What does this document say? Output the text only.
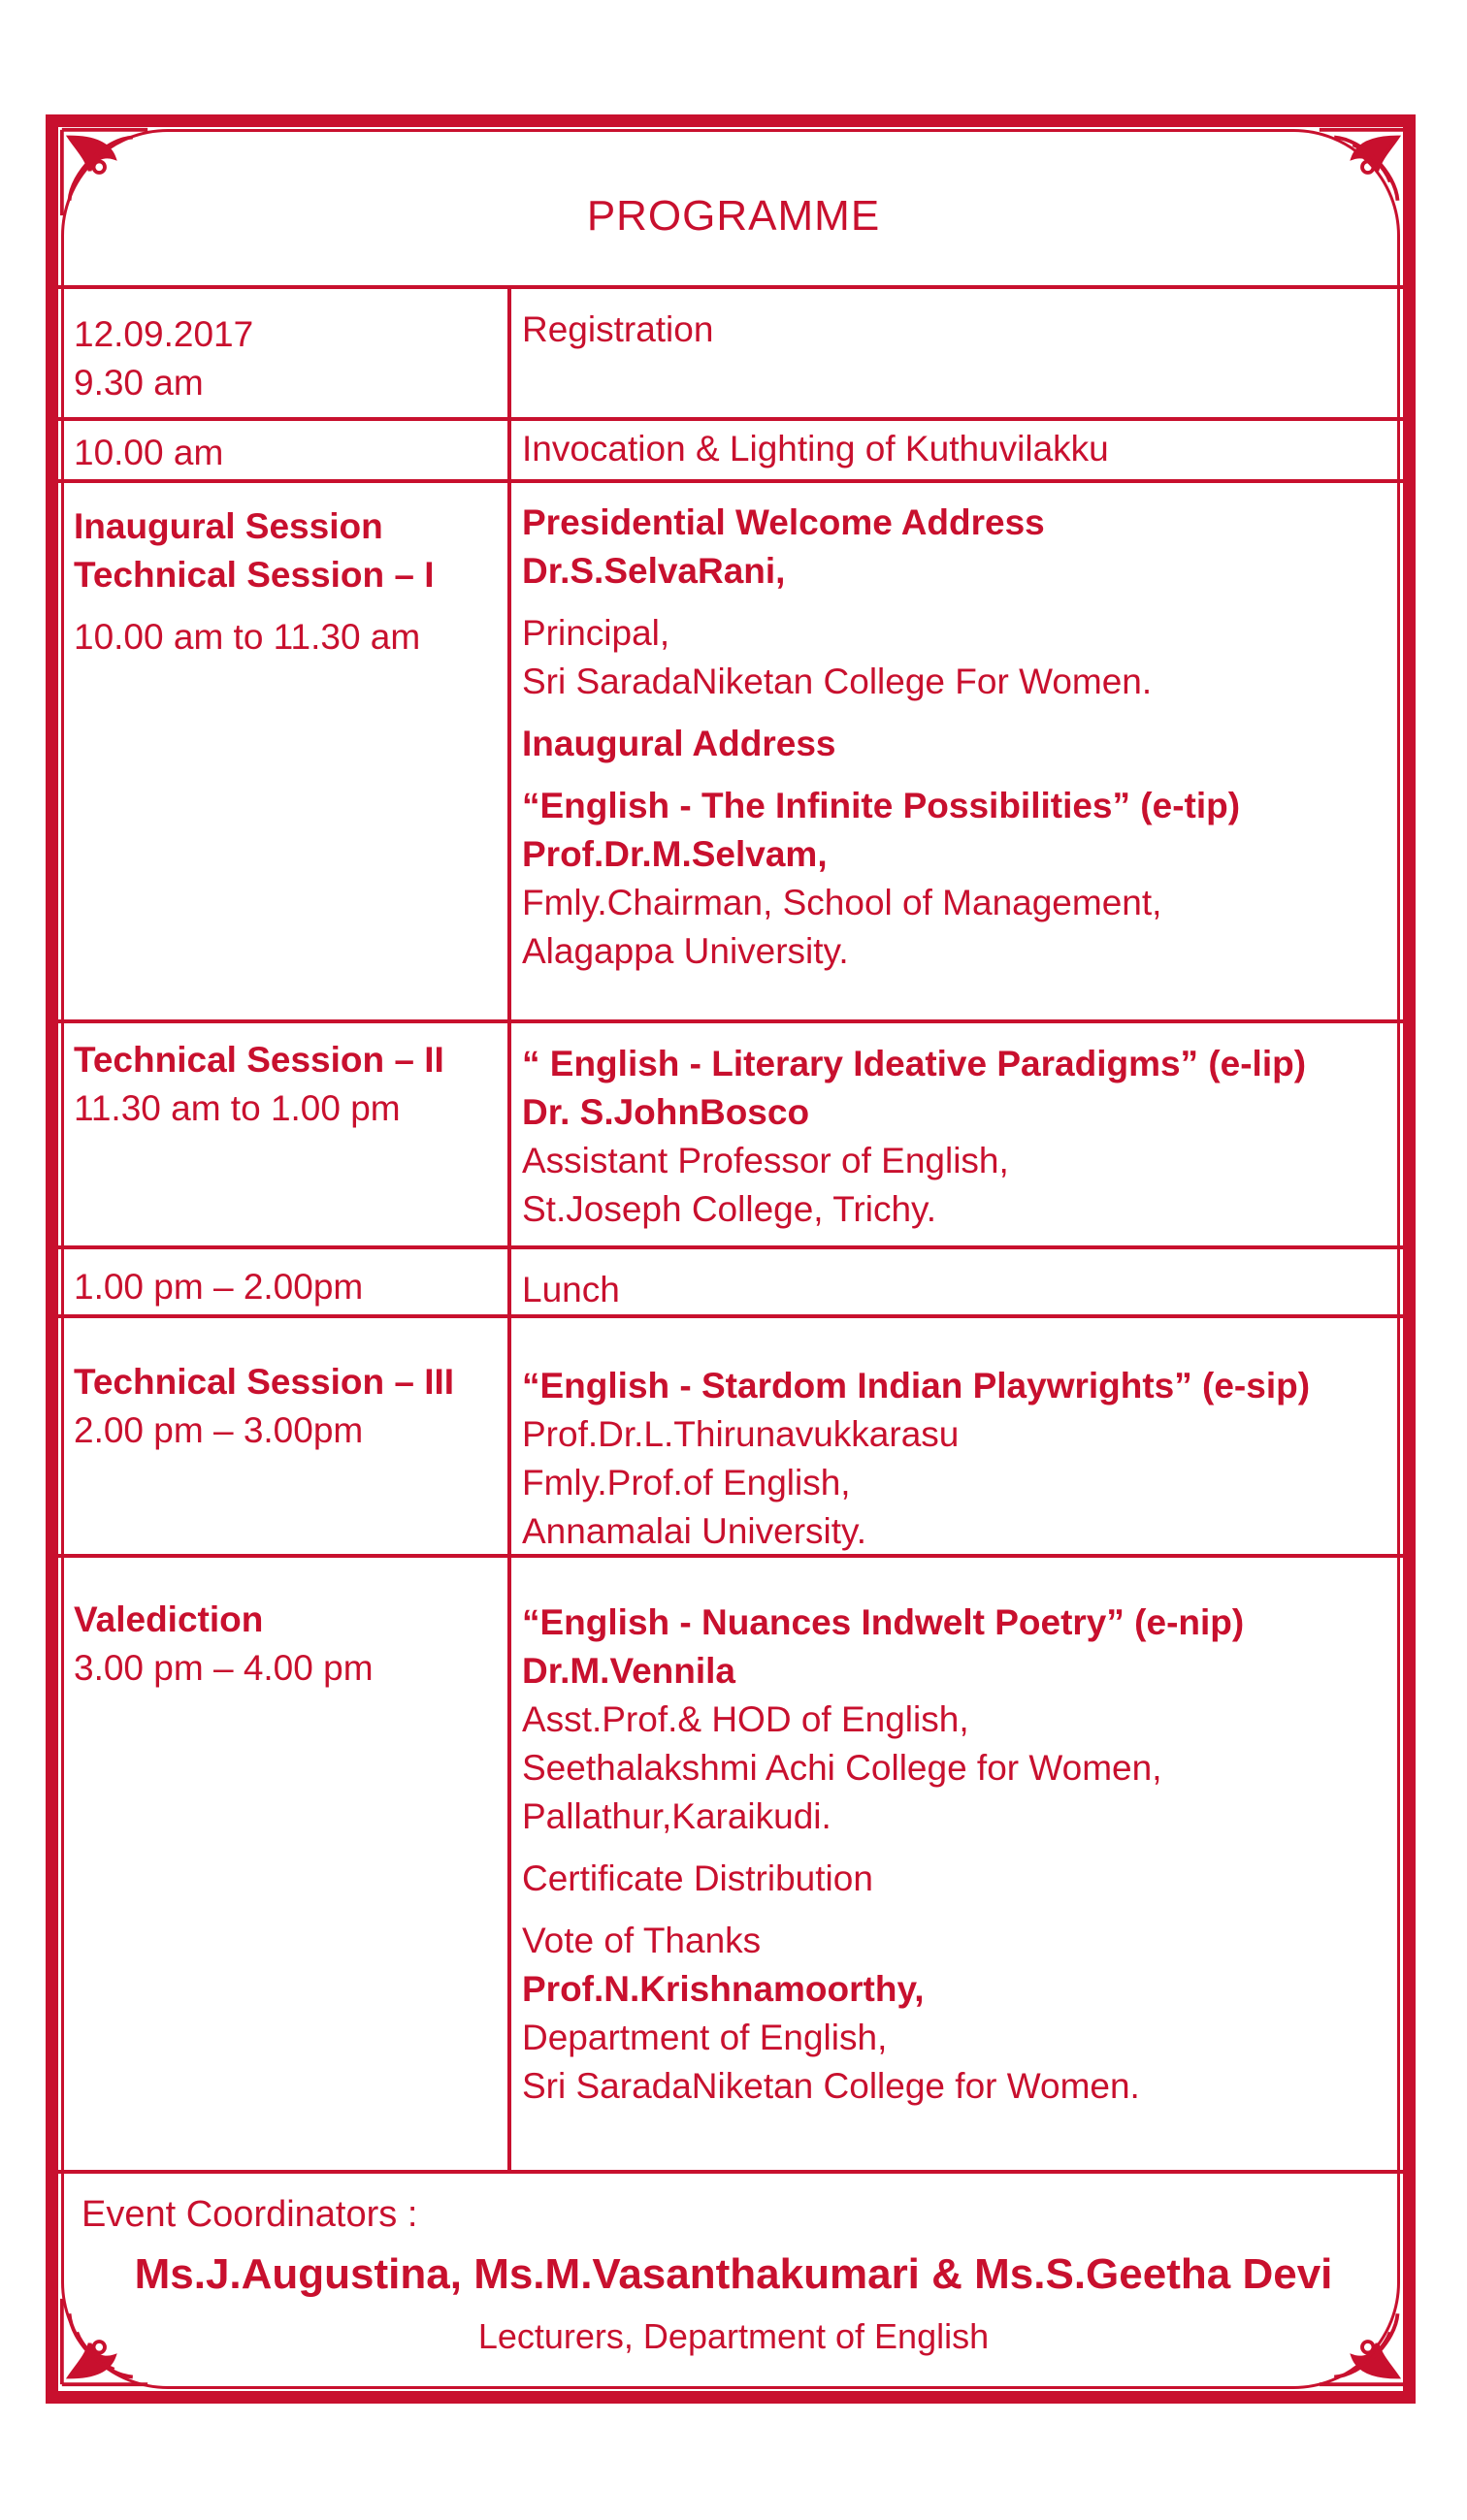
PROGRAMME
12.09.2017
9.30 am
Registration
10.00 am	Invocation & Lighting of Kuthuvilakku
Inaugural Session
Technical Session – I
10.00 am to 11.30 am
Presidential Welcome Address
Dr.S.SelvaRani,
Principal,
Sri SaradaNiketan College For Women.
Inaugural Address
“English - The Infinite Possibilities” (e-tip)
Prof.Dr.M.Selvam,
Fmly.Chairman, School of Management,
Alagappa University.
Technical Session – II
11.30 am to 1.00 pm
“ English - Literary Ideative Paradigms” (e-lip)
Dr. S.JohnBosco
Assistant Professor of English,
St.Joseph College, Trichy.
1.00 pm – 2.00pm	Lunch
Technical Session – III
2.00 pm – 3.00pm
“English - Stardom Indian Playwrights” (e-sip)
Prof.Dr.L.Thirunavukkarasu
Fmly.Prof.of English,
Annamalai University.
Valediction
3.00 pm – 4.00 pm
“English - Nuances Indwelt Poetry” (e-nip)
Dr.M.Vennila
Asst.Prof.& HOD of English,
Seethalakshmi Achi College for Women,
Pallathur,Karaikudi.
Certificate Distribution
Vote of Thanks
Prof.N.Krishnamoorthy,
Department of English,
Sri SaradaNiketan College for Women.
Event Coordinators :
Ms.J.Augustina, Ms.M.Vasanthakumari & Ms.S.Geetha Devi
Lecturers, Department of English
